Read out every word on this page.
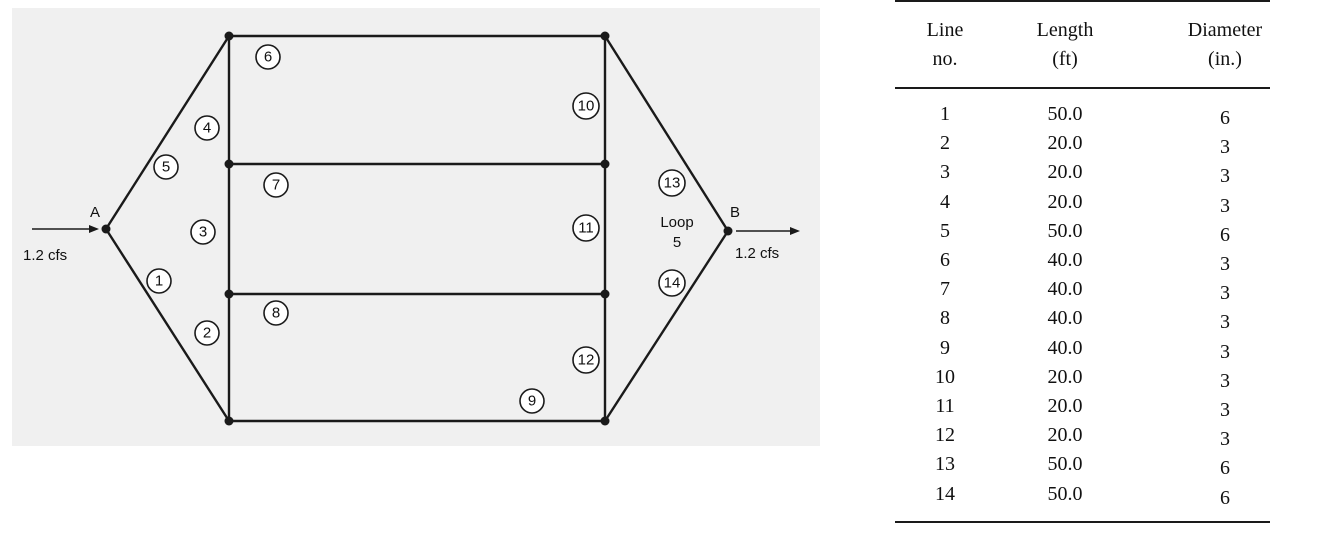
A	B
1.2 cfs	1.2 cfs
Loop
5
1
2
3
4
5
6
7
8
9
10
11
12
13
14
Line
no.
Length
(ft)
Diameter
(in.)
1	50.0	6
2	20.0	3
3	20.0	3
4	20.0	3
5	50.0	6
6	40.0	3
7	40.0	3
8	40.0	3
9	40.0	3
10	20.0	3
11	20.0	3
12	20.0	3
13	50.0	6
14	50.0	6
